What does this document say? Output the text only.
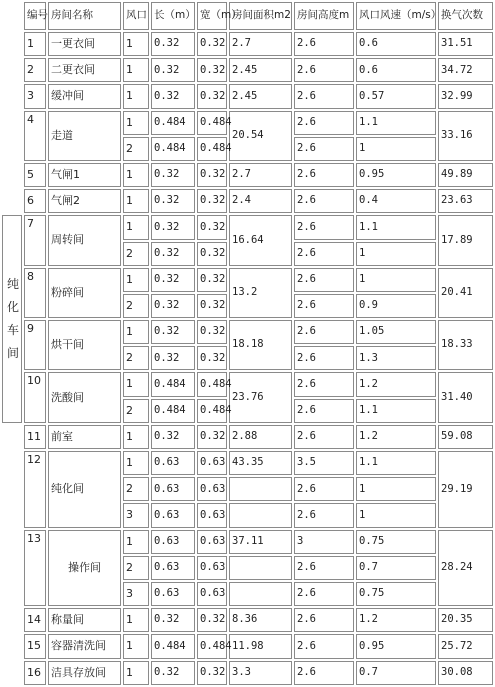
	编号	房间名称	风口	长（m）	宽（m）	房间面积m2	房间高度m	风口风速（m/s）	换气次数
	1	一更衣间	1	0.32	0.32	2.7	2.6	0.6	31.51
	2	二更衣间	1	0.32	0.32	2.45	2.6	0.6	34.72
	3	缓冲间	1	0.32	0.32	2.45	2.6	0.57	32.99
	4	走道	1	0.484	0.484	20.54	2.6	1.1	33.16
			2	0.484	0.484		2.6	1	
	5	气闸1	1	0.32	0.32	2.7	2.6	0.95	49.89
	6	气闸2	1	0.32	0.32	2.4	2.6	0.4	23.63

纯
化
车
间	7	周转间	1	0.32	0.32	16.64	2.6	1.1	17.89
			2	0.32	0.32		2.6	1	
	8	粉碎间	1	0.32	0.32	13.2	2.6	1	20.41
			2	0.32	0.32		2.6	0.9	
	9	烘干间	1	0.32	0.32	18.18	2.6	1.05	18.33
			2	0.32	0.32		2.6	1.3	
	10	洗酸间	1	0.484	0.484	23.76	2.6	1.2	31.40
			2	0.484	0.484		2.6	1.1	
	11	前室	1	0.32	0.32	2.88	2.6	1.2	59.08
	12	纯化间	1	0.63	0.63	43.35	3.5	1.1	29.19
			2	0.63	0.63		2.6	1	
			3	0.63	0.63		2.6	1	
	13	操作间	1	0.63	0.63	37.11	3	0.75	28.24
			2	0.63	0.63		2.6	0.7	
			3	0.63	0.63		2.6	0.75	
	14	称量间	1	0.32	0.32	8.36	2.6	1.2	20.35
	15	容器清洗间	1	0.484	0.484	11.98	2.6	0.95	25.72
	16	洁具存放间	1	0.32	0.32	3.3	2.6	0.7	30.08
